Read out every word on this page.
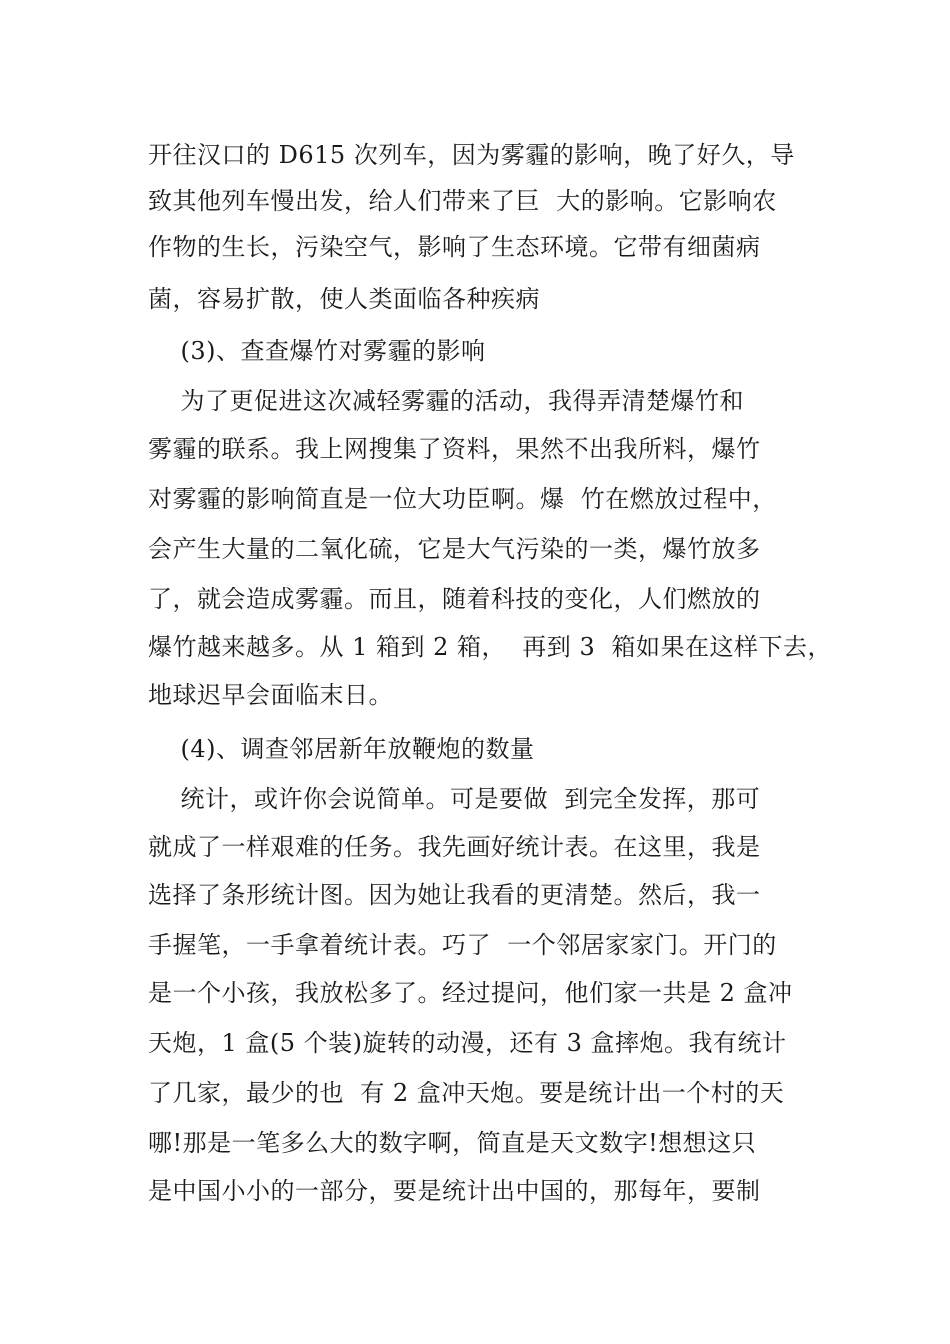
开往汉口的 D615 次列车，因为雾霾的影响，晚了好久，导
致其他列车慢出发，给人们带来了巨  大的影响。它影响农
作物的生长，污染空气，影响了生态环境。它带有细菌病
菌，容易扩散，使人类面临各种疾病
(3)、查查爆竹对雾霾的影响
为了更促进这次减轻雾霾的活动，我得弄清楚爆竹和
雾霾的联系。我上网搜集了资料，果然不出我所料，爆竹
对雾霾的影响简直是一位大功臣啊。爆  竹在燃放过程中，
会产生大量的二氧化硫，它是大气污染的一类，爆竹放多
了，就会造成雾霾。而且，随着科技的变化，人们燃放的
爆竹越来越多。从 1 箱到 2 箱，  再到 3  箱如果在这样下去，
地球迟早会面临末日。
(4)、调查邻居新年放鞭炮的数量
统计，或许你会说简单。可是要做  到完全发挥，那可
就成了一样艰难的任务。我先画好统计表。在这里，我是
选择了条形统计图。因为她让我看的更清楚。然后，我一
手握笔，一手拿着统计表。巧了  一个邻居家家门。开门的
是一个小孩，我放松多了。经过提问，他们家一共是 2 盒冲
天炮，1 盒(5 个装)旋转的动漫，还有 3 盒摔炮。我有统计
了几家，最少的也  有 2 盒冲天炮。要是统计出一个村的天
哪!那是一笔多么大的数字啊，简直是天文数字!想想这只
是中国小小的一部分，要是统计出中国的，那每年，要制
